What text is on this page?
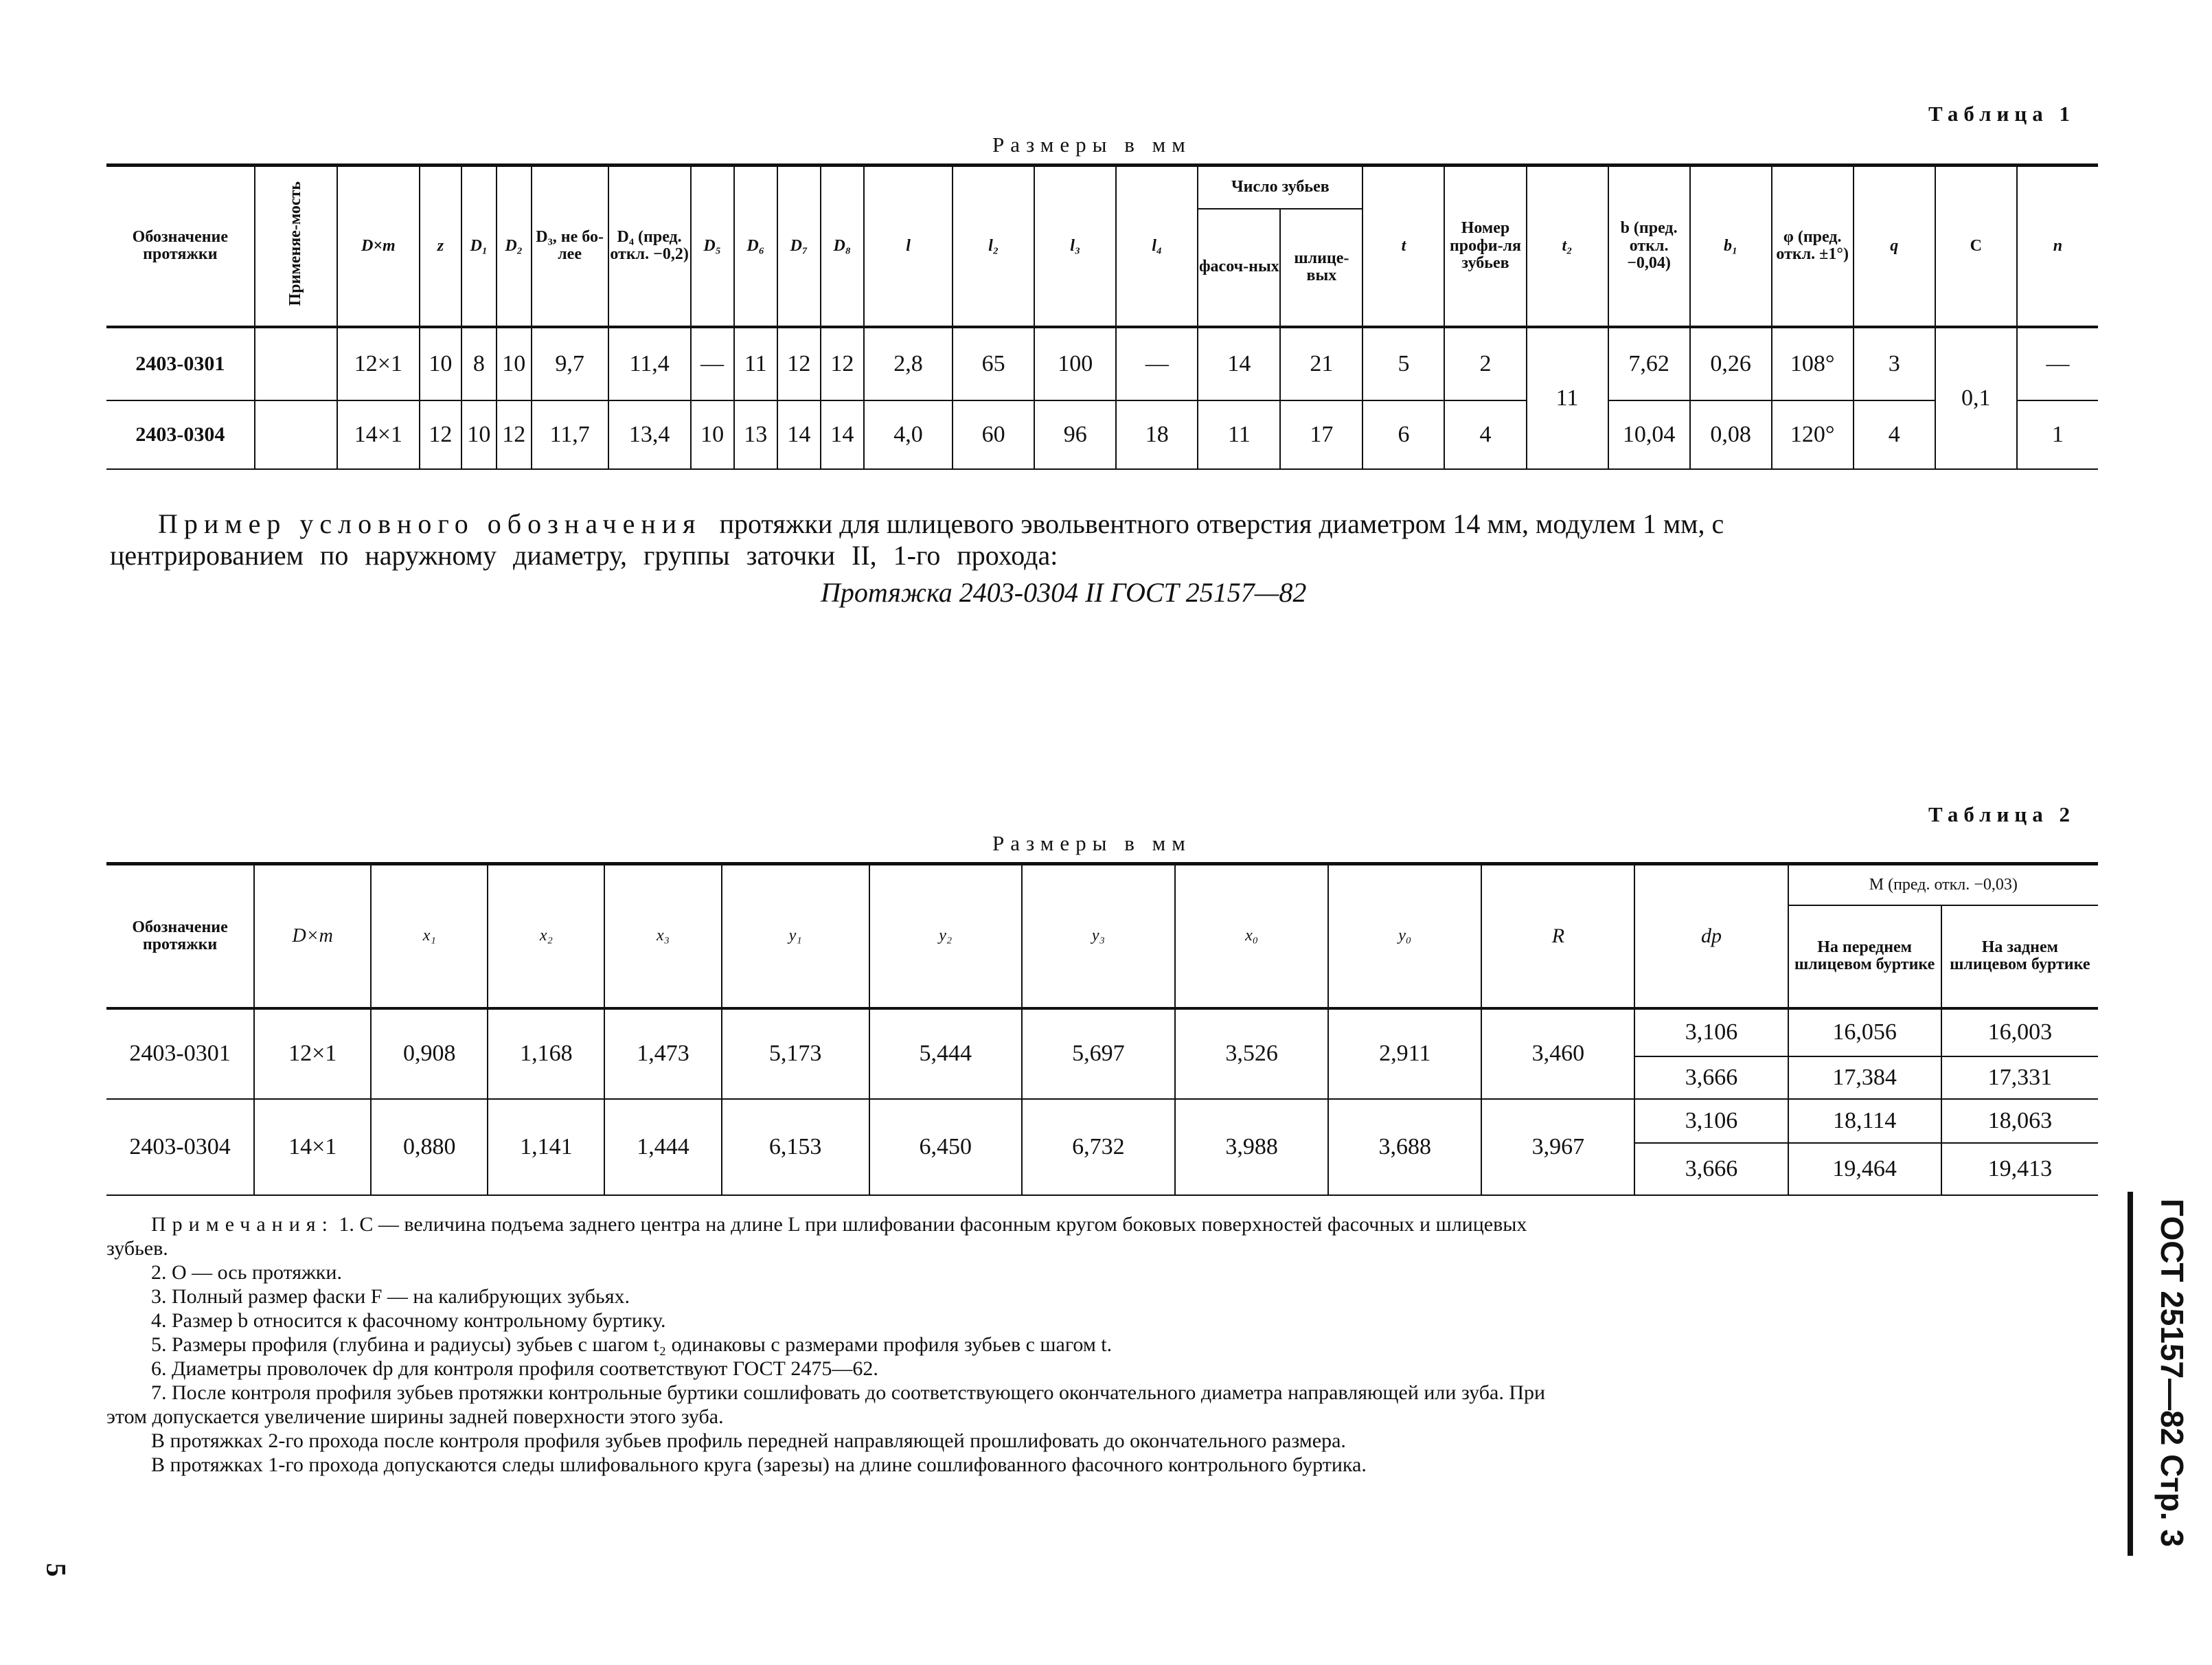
Таблица 1
Размеры в мм
Обозначение протяжки	Применяе-мость	D×m	z	D₁	D₂	D₃, не бо-лее	D₄ (пред. откл. −0,2)	D₅	D₆	D₇	D₈	l	l₂	l₃	l₄	Число зубьев		t	Номер профи-ля зубьев	t₂	b (пред. откл. −0,04)	b₁	φ (пред. откл. ±1°)	q	C	n
																фасоч-ных	шлице-вых									
2403-0301		12×1	10	8	10	9,7	11,4	—	11	12	12	2,8	65	100	—	14	21	5	2	11	7,62	0,26	108°	3	0,1	—
2403-0304		14×1	12	10	12	11,7	13,4	10	13	14	14	4,0	60	96	18	11	17	6	4		10,04	0,08	120°	4		1
Пример условного обозначения протяжки для шлицевого эвольвентного отверстия диаметром 14 мм, модулем 1 мм, с
центрированием по наружному диаметру, группы заточки II, 1-го прохода:
Протяжка 2403-0304 II ГОСТ 25157—82
Таблица 2
Размеры в мм
Обозначение протяжки	D×m	x₁	x₂	x₃	y₁	y₂	y₃	x₀	y₀	R	dp	M (пред. откл. −0,03)	
												На переднем шлицевом буртике	На заднем шлицевом буртике
2403-0301	12×1	0,908	1,168	1,473	5,173	5,444	5,697	3,526	2,911	3,460	3,106	16,056	16,003
											3,666	17,384	17,331
2403-0304	14×1	0,880	1,141	1,444	6,153	6,450	6,732	3,988	3,688	3,967	3,106	18,114	18,063
											3,666	19,464	19,413
Примечания: 1. C — величина подъема заднего центра на длине L при шлифовании фасонным кругом боковых поверхностей фасочных и шлицевых
зубьев.
2. O — ось протяжки.
3. Полный размер фаски F — на калибрующих зубьях.
4. Размер b относится к фасочному контрольному буртику.
5. Размеры профиля (глубина и радиусы) зубьев с шагом t₂ одинаковы с размерами профиля зубьев с шагом t.
6. Диаметры проволочек dp для контроля профиля соответствуют ГОСТ 2475—62.
7. После контроля профиля зубьев протяжки контрольные буртики сошлифовать до соответствующего окончательного диаметра направляющей или зуба. При
этом допускается увеличение ширины задней поверхности этого зуба.
В протяжках 2-го прохода после контроля профиля зубьев профиль передней направляющей прошлифовать до окончательного размера.
В протяжках 1-го прохода допускаются следы шлифовального круга (зарезы) на длине сошлифованного фасочного контрольного буртика.	ГОСТ 25157—82 Стр. 3
5
